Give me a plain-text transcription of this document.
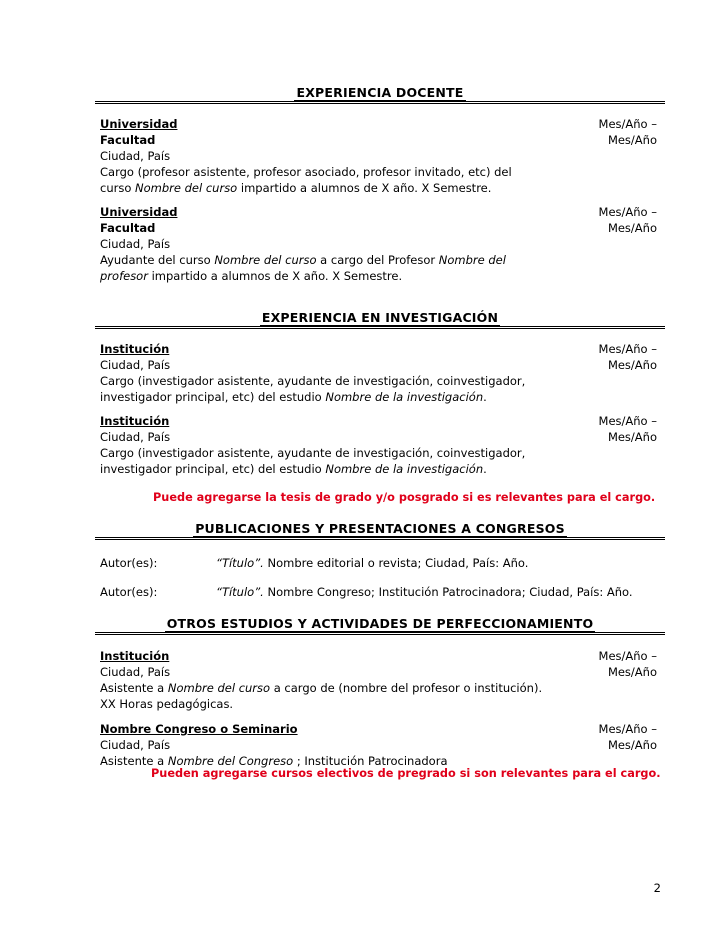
EXPERIENCIA DOCENTE
Mes/Año –
Mes/Año
Universidad
Facultad
Ciudad, País
Cargo (profesor asistente, profesor asociado, profesor invitado, etc) del
curso Nombre del curso impartido a alumnos de X año. X Semestre.
Mes/Año –
Mes/Año
Universidad
Facultad
Ciudad, País
Ayudante del curso Nombre del curso a cargo del Profesor Nombre del
profesor impartido a alumnos de X año. X Semestre.
EXPERIENCIA EN INVESTIGACIÓN
Mes/Año –
Mes/Año
Institución
Ciudad, País
Cargo (investigador asistente, ayudante de investigación, coinvestigador,
investigador principal, etc) del estudio Nombre de la investigación.
Mes/Año –
Mes/Año
Institución
Ciudad, País
Cargo (investigador asistente, ayudante de investigación, coinvestigador,
investigador principal, etc) del estudio Nombre de la investigación.
Puede agregarse la tesis de grado y/o posgrado si es relevantes para el cargo.
PUBLICACIONES Y PRESENTACIONES A CONGRESOS
Autor(es):	“Título”. Nombre editorial o revista; Ciudad, País: Año.
Autor(es):	“Título”. Nombre Congreso; Institución Patrocinadora; Ciudad, País: Año.
OTROS ESTUDIOS Y ACTIVIDADES DE PERFECCIONAMIENTO
Mes/Año –
Mes/Año
Institución
Ciudad, País
Asistente a Nombre del curso a cargo de (nombre del profesor o institución).
XX Horas pedagógicas.
Mes/Año –
Mes/Año
Nombre Congreso o Seminario
Ciudad, País
Asistente a Nombre del Congreso ; Institución Patrocinadora
Pueden agregarse cursos electivos de pregrado si son relevantes para el cargo.
2
